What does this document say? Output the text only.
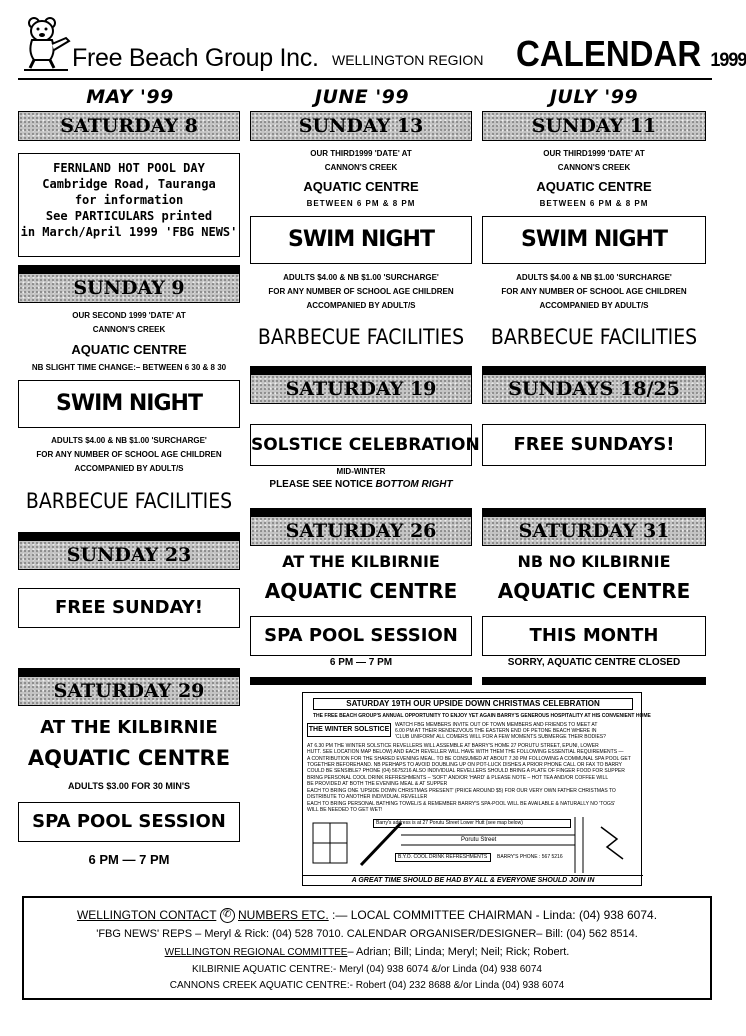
Free Beach Group Inc. WELLINGTON REGION CALENDAR 1999
MAY '99	JUNE '99	JULY '99
SATURDAY 8
FERNLAND HOT POOL DAY
Cambridge Road, Tauranga
for information
See PARTICULARS printed
in March/April 1999 'FBG NEWS'
SUNDAY 9
OUR SECOND 1999 'DATE' AT
CANNON'S CREEK
AQUATIC CENTRE
NB SLIGHT TIME CHANGE:– BETWEEN 6 30 & 8 30
SWIM NIGHT
ADULTS $4.00 & NB $1.00 'SURCHARGE'
FOR ANY NUMBER OF SCHOOL AGE CHILDREN
ACCOMPANIED BY ADULT/S
BARBECUE FACILITIES
SUNDAY 23
FREE SUNDAY!
SATURDAY 29
AT THE KILBIRNIE
AQUATIC CENTRE
ADULTS $3.00 FOR 30 MIN'S
SPA POOL SESSION
6 PM — 7 PM
SUNDAY 13
OUR THIRD1999 'DATE' AT
CANNON'S CREEK
AQUATIC CENTRE
BETWEEN 6 PM & 8 PM
SWIM NIGHT
ADULTS $4.00 & NB $1.00 'SURCHARGE'
FOR ANY NUMBER OF SCHOOL AGE CHILDREN
ACCOMPANIED BY ADULT/S
BARBECUE FACILITIES
SATURDAY 19
SOLSTICE CELEBRATION
MID-WINTER
PLEASE SEE NOTICE BOTTOM RIGHT
SATURDAY 26
AT THE KILBIRNIE
AQUATIC CENTRE
SPA POOL SESSION
6 PM — 7 PM
SUNDAY 11
OUR THIRD1999 'DATE' AT
CANNON'S CREEK
AQUATIC CENTRE
BETWEEN 6 PM & 8 PM
SWIM NIGHT
ADULTS $4.00 & NB $1.00 'SURCHARGE'
FOR ANY NUMBER OF SCHOOL AGE CHILDREN
ACCOMPANIED BY ADULT/S
BARBECUE FACILITIES
SUNDAYS 18/25
FREE SUNDAYS!
SATURDAY 31
NB NO KILBIRNIE
AQUATIC CENTRE
THIS MONTH
SORRY, AQUATIC CENTRE CLOSED
SATURDAY 19TH OUR UPSIDE DOWN CHRISTMAS CELEBRATION
THE FREE BEACH GROUP'S ANNUAL OPPORTUNITY TO ENJOY YET AGAIN BARRY'S GENEROUS HOSPITALITY AT HIS CONVENIENT HOME
THE WINTER SOLSTICE
WATCH FBG MEMBERS INVITE OUT OF TOWN MEMBERS AND FRIENDS TO MEET AT
6.00 PM AT THEIR RENDEZVOUS THE EASTERN END OF PETONE BEACH WHERE IN
'CLUB UNIFORM' ALL COMERS WILL FOR A FEW MOMENTS SUBMERGE THEIR BODIES?
AT 6.30 PM THE WINTER SOLSTICE REVELLERS WILL ASSEMBLE AT BARRY'S HOME 27 PORUTU STREET, EPUNI, LOWER
HUTT. SEE LOCATION MAP BELOW) AND EACH REVELLER WILL HAVE WITH THEM THE FOLLOWING ESSENTIAL REQUIREMENTS —
A CONTRIBUTION FOR THE SHARED EVENING MEAL. TO BE CONSUMED AT ABOUT 7.30 PM FOLLOWING A COMMUNAL SPA POOL GET
TOGETHER BEFOREHAND. NB PERHAPS TO AVOID DOUBLING UP ON POT-LUCK DISHES A PRIOR PHONE CALL OR FAX TO BARRY
COULD BE SENSIBLE? PHONE (04) 5675216 ALSO INDIVIDUAL REVELLERS SHOULD BRING A PLATE OF FINGER FOOD FOR SUPPER
BRING PERSONAL COOL DRINK REFRESHMENTS – 'SOFT' AND/OR 'HARD' & PLEASE NOTE – HOT TEA AND/OR COFFEE WILL
BE PROVIDED AT BOTH THE EVENING MEAL & AT SUPPER
EACH TO BRING ONE 'UPSIDE DOWN CHRISTMAS PRESENT' (PRICE AROUND $5) FOR OUR VERY OWN FATHER CHRISTMAS TO
DISTRIBUTE TO ANOTHER INDIVIDUAL REVELLER
EACH TO BRING PERSONAL BATHING TOWEL/S & REMEMBER BARRY'S SPA-POOL WILL BE AVAILABLE & NATURALLY NO 'TOGS'
WILL BE NEEDED TO GET WET!
Barry's address is at 27 Porutu Street Lower Hutt (see map below)
Porutu Street
B.Y.O. COOL DRINK REFRESHMENTS	BARRY'S PHONE : 567 5216
A GREAT TIME SHOULD BE HAD BY ALL & EVERYONE SHOULD JOIN IN
WELLINGTON CONTACT ✆ NUMBERS ETC. :— LOCAL COMMITTEE CHAIRMAN - Linda: (04) 938 6074.
'FBG NEWS' REPS – Meryl & Rick: (04) 528 7010. CALENDAR ORGANISER/DESIGNER– Bill: (04) 562 8514.
WELLINGTON REGIONAL COMMITTEE– Adrian; Bill; Linda; Meryl; Neil; Rick; Robert.
KILBIRNIE AQUATIC CENTRE:- Meryl (04) 938 6074 &/or Linda (04) 938 6074
CANNONS CREEK AQUATIC CENTRE:- Robert (04) 232 8688 &/or Linda (04) 938 6074
